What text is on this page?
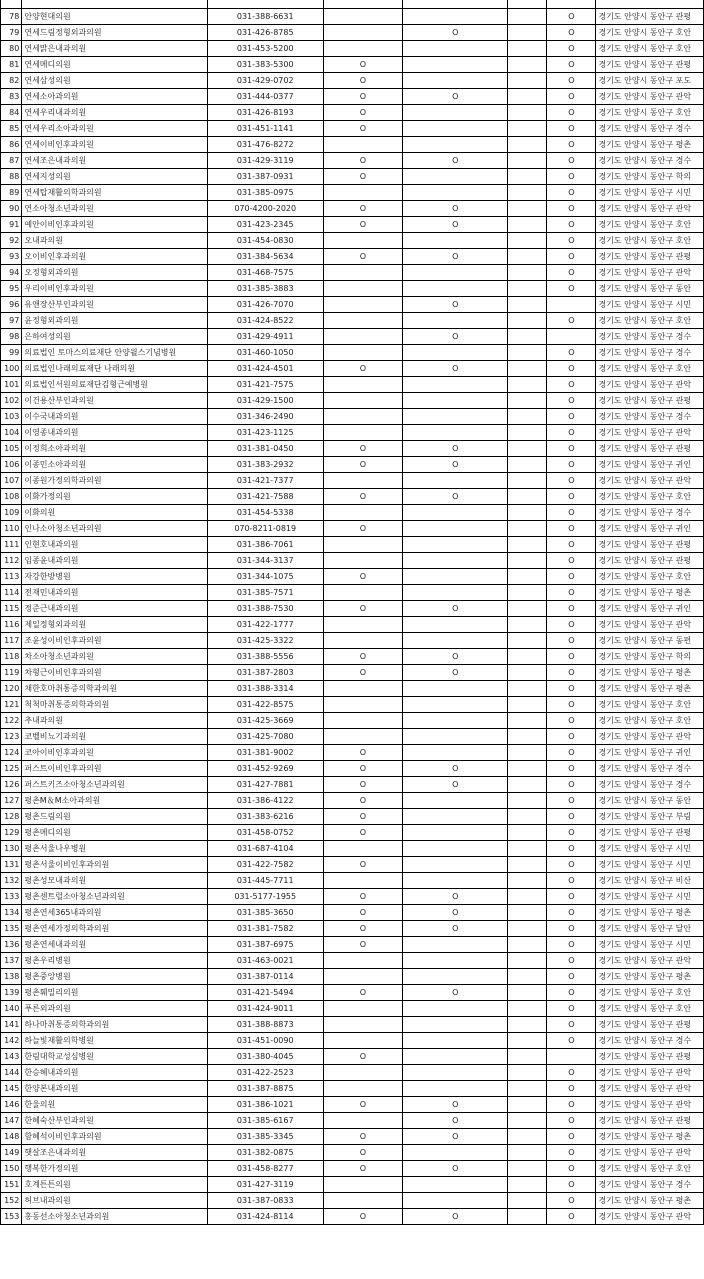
78	안양현대의원	031-388-6631				O	경기도 안양시 동안구 관평
79	연세드림정형외과의원	031-426-8785		O		O	경기도 안양시 동안구 호안
80	연세맑은내과의원	031-453-5200				O	경기도 안양시 동안구 호안
81	연세메디의원	031-383-5300	O			O	경기도 안양시 동안구 관평
82	연세삼성의원	031-429-0702	O			O	경기도 안양시 동안구 포도
83	연세소아과의원	031-444-0377	O	O		O	경기도 안양시 동안구 관악
84	연세우리내과의원	031-426-8193	O			O	경기도 안양시 동안구 호안
85	연세우리소아과의원	031-451-1141	O			O	경기도 안양시 동안구 경수
86	연세이비인후과의원	031-476-8272				O	경기도 안양시 동안구 평촌
87	연세조은내과의원	031-429-3119	O	O		O	경기도 안양시 동안구 경수
88	연세지성의원	031-387-0931	O			O	경기도 안양시 동안구 학의
89	연세탑재활의학과의원	031-385-0975				O	경기도 안양시 동안구 시민
90	연소아청소년과의원	070-4200-2020	O	O		O	경기도 안양시 동안구 관악
91	예안이비인후과의원	031-423-2345	O	O		O	경기도 안양시 동안구 호안
92	오내과의원	031-454-0830				O	경기도 안양시 동안구 호안
93	오이비인후과의원	031-384-5634	O	O		O	경기도 안양시 동안구 관평
94	오정형외과의원	031-468-7575				O	경기도 안양시 동안구 관악
95	우리이비인후과의원	031-385-3883				O	경기도 안양시 동안구 동안
96	유앤장산부인과의원	031-426-7070		O			경기도 안양시 동안구 시민
97	윤정형외과의원	031-424-8522				O	경기도 안양시 동안구 호안
98	은하여성의원	031-429-4911		O			경기도 안양시 동안구 경수
99	의료법인 토마스의료재단 안양윌스기념병원	031-460-1050				O	경기도 안양시 동안구 경수
100	의료법인나래의료재단 나래의원	031-424-4501	O	O		O	경기도 안양시 동안구 호안
101	의료법인서원의료재단김형근예병원	031-421-7575				O	경기도 안양시 동안구 관악
102	이건용산부인과의원	031-429-1500				O	경기도 안양시 동안구 관평
103	이수국내과의원	031-346-2490				O	경기도 안양시 동안구 경수
104	이영종내과의원	031-423-1125				O	경기도 안양시 동안구 관악
105	이정희소아과의원	031-381-0450	O	O		O	경기도 안양시 동안구 관평
106	이종민소아과의원	031-383-2932	O	O		O	경기도 안양시 동안구 귀인
107	이종원가정의학과의원	031-421-7377				O	경기도 안양시 동안구 관악
108	이화가정의원	031-421-7588	O	O		O	경기도 안양시 동안구 호안
109	이화의원	031-454-5338				O	경기도 안양시 동안구 경수
110	인나소아청소년과의원	070-8211-0819	O			O	경기도 안양시 동안구 귀인
111	인현호내과의원	031-386-7061				O	경기도 안양시 동안구 관평
112	임종윤내과의원	031-344-3137				O	경기도 안양시 동안구 관평
113	자강한방병원	031-344-1075	O			O	경기도 안양시 동안구 호안
114	전재민내과의원	031-385-7571				O	경기도 안양시 동안구 평촌
115	정준근내과의원	031-388-7530	O	O		O	경기도 안양시 동안구 귀인
116	제일정형외과의원	031-422-1777				O	경기도 안양시 동안구 관악
117	조윤성이비인후과의원	031-425-3322				O	경기도 안양시 동안구 동편
118	차소아청소년과의원	031-388-5556	O	O		O	경기도 안양시 동안구 학의
119	차형근이비인후과의원	031-387-2803	O	O		O	경기도 안양시 동안구 평촌
120	채한호마취통증의학과의원	031-388-3314				O	경기도 안양시 동안구 평촌
121	척척마취통증의학과의원	031-422-8575				O	경기도 안양시 동안구 호안
122	추내과의원	031-425-3669				O	경기도 안양시 동안구 호안
123	코벨비뇨기과의원	031-425-7080				O	경기도 안양시 동안구 관악
124	코아이비인후과의원	031-381-9002	O			O	경기도 안양시 동안구 귀인
125	퍼스트이비인후과의원	031-452-9269	O	O		O	경기도 안양시 동안구 경수
126	퍼스트키즈소아청소년과의원	031-427-7881	O	O		O	경기도 안양시 동안구 경수
127	평촌M＆M소아과의원	031-386-4122	O			O	경기도 안양시 동안구 동안
128	평촌드림의원	031-383-6216	O			O	경기도 안양시 동안구 부림
129	평촌메디의원	031-458-0752	O			O	경기도 안양시 동안구 관평
130	평촌서울나우병원	031-687-4104				O	경기도 안양시 동안구 시민
131	평촌서울이비인후과의원	031-422-7582	O			O	경기도 안양시 동안구 시민
132	평촌성모내과의원	031-445-7711				O	경기도 안양시 동안구 비산
133	평촌센트럴소아청소년과의원	031-5177-1955	O	O		O	경기도 안양시 동안구 시민
134	평촌연세365내과의원	031-385-3650	O	O		O	경기도 안양시 동안구 평촌
135	평촌연세가정의학과의원	031-381-7582	O	O		O	경기도 안양시 동안구 달안
136	평촌연세내과의원	031-387-6975	O			O	경기도 안양시 동안구 시민
137	평촌우리병원	031-463-0021				O	경기도 안양시 동안구 관악
138	평촌중앙병원	031-387-0114				O	경기도 안양시 동안구 평촌
139	평촌훼밀리의원	031-421-5494	O	O		O	경기도 안양시 동안구 호안
140	푸른외과의원	031-424-9011				O	경기도 안양시 동안구 호안
141	하나마취통증의학과의원	031-388-8873				O	경기도 안양시 동안구 관평
142	하늘빛재활의학병원	031-451-0090				O	경기도 안양시 동안구 경수
143	한림대학교성심병원	031-380-4045	O				경기도 안양시 동안구 관평
144	한승혜내과의원	031-422-2523				O	경기도 안양시 동안구 관악
145	한양본내과의원	031-387-8875				O	경기도 안양시 동안구 관악
146	한울의원	031-386-1021	O	O		O	경기도 안양시 동안구 관악
147	한혜숙산부인과의원	031-385-6167		O		O	경기도 안양시 동안구 관평
148	함혜석이비인후과의원	031-385-3345	O	O		O	경기도 안양시 동안구 평촌
149	햇살조은내과의원	031-382-0875	O			O	경기도 안양시 동안구 관악
150	행복한가정의원	031-458-8277	O	O		O	경기도 안양시 동안구 호안
151	호계튼튼의원	031-427-3119				O	경기도 안양시 동안구 경수
152	허브내과의원	031-387-0833				O	경기도 안양시 동안구 평촌
153	홍동선소아청소년과의원	031-424-8114	O	O		O	경기도 안양시 동안구 관악
